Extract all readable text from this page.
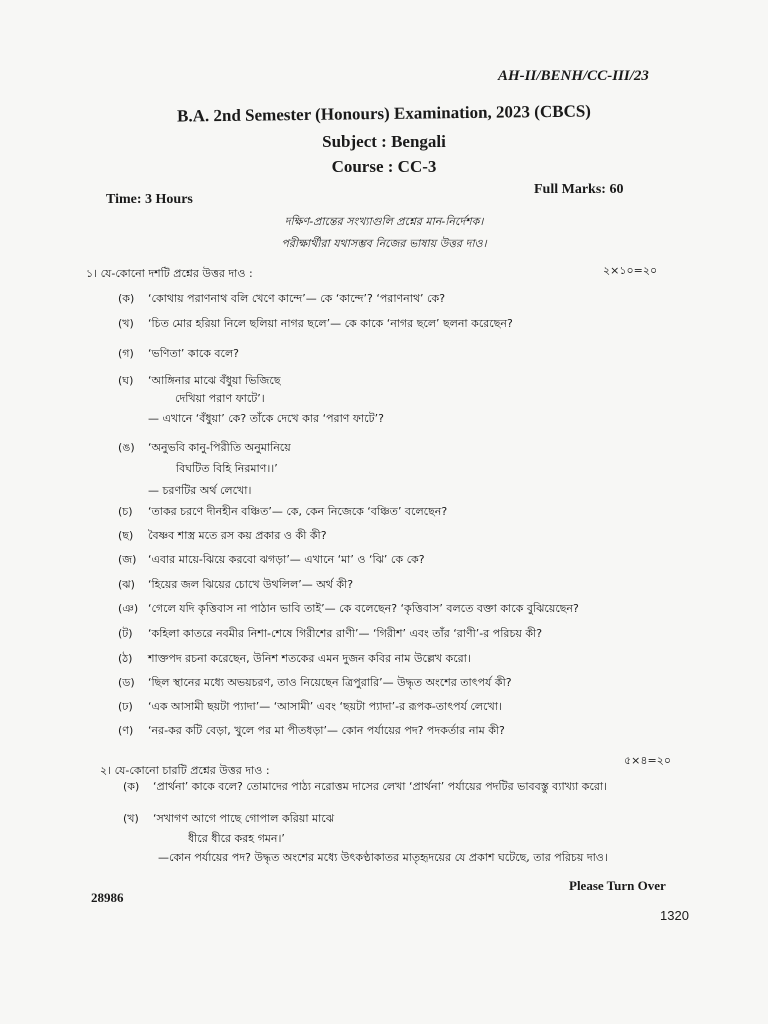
AH-II/BENH/CC-III/23
B.A. 2nd Semester (Honours) Examination, 2023 (CBCS)
Subject : Bengali
Course : CC-3
Full Marks: 60
Time: 3 Hours
দক্ষিণ-প্রান্তের সংখ্যাগুলি প্রশ্নের মান-নির্দেশক।
পরীক্ষার্থীরা যথাসম্ভব নিজের ভাষায় উত্তর দাও।
১। যে-কোনো দশটি প্রশ্নের উত্তর দাও :	২×১০=২০
(ক) ‘কোথায় পরাণনাথ বলি খেণে কান্দে’— কে ‘কান্দে’? ‘পরাণনাথ’ কে?
(খ) ‘চিত মোর হরিয়া নিলে ছলিয়া নাগর ছলে’— কে কাকে ‘নাগর ছলে’ ছলনা করেছেন?
(গ) ‘ভণিতা’ কাকে বলে?
(ঘ) ‘আঙ্গিনার মাঝে বঁধুয়া ভিজিছে
দেখিয়া পরাণ ফাটে’।
— এখানে ‘বঁধুয়া’ কে? তাঁকে দেখে কার ‘পরাণ ফাটে’?
(ঙ) ‘অনুভবি কানু-পিরীতি অনুমানিয়ে
বিঘটিত বিহি নিরমাণ।।’
— চরণটির অর্থ লেখো।
(চ) ‘তাকর চরণে দীনহীন বঞ্চিত’— কে, কেন নিজেকে ‘বঞ্চিত’ বলেছেন?
(ছ) বৈষ্ণব শাস্ত্র মতে রস কয় প্রকার ও কী কী?
(জ) ‘এবার মায়ে-ঝিয়ে করবো ঝগড়া’— এখানে ‘মা’ ও ‘ঝি’ কে কে?
(ঝ) ‘হিয়ের জল ঝিয়ের চোখে উথলিল’— অর্থ কী?
(ঞ) ‘গেলে যদি কৃত্তিবাস না পাঠান ভাবি তাই’— কে বলেছেন? ‘কৃত্তিবাস’ বলতে বক্তা কাকে বুঝিয়েছেন?
(ট) ‘কহিলা কাতরে নবমীর নিশা-শেষে গিরীশের রাণী’— ‘গিরীশ’ এবং তাঁর ‘রাণী’-র পরিচয় কী?
(ঠ) শাক্তপদ রচনা করেছেন, উনিশ শতকের এমন দুজন কবির নাম উল্লেখ করো।
(ড) ‘ছিল স্থানের মধ্যে অভয়চরণ, তাও নিয়েছেন ত্রিপুরারি’— উদ্ধৃত অংশের তাৎপর্য কী?
(ঢ) ‘এক আসামী ছয়টা প্যাদা’— ‘আসামী’ এবং ‘ছয়টা প্যাদা’-র রূপক-তাৎপর্য লেখো।
(ণ) ‘নর-কর কটি বেড়া, খুলে পর মা পীতধড়া’— কোন পর্যায়ের পদ? পদকর্তার নাম কী?
২। যে-কোনো চারটি প্রশ্নের উত্তর দাও :
৫×৪=২০
(ক) ‘প্রার্থনা’ কাকে বলে? তোমাদের পাঠ্য নরোত্তম দাসের লেখা ‘প্রার্থনা’ পর্যায়ের পদটির ভাববস্তু ব্যাখ্যা করো।
(খ) ‘সখাগণ আগে পাছে গোপাল করিয়া মাঝে
ধীরে ধীরে করহ গমন।’
—কোন পর্যায়ের পদ? উদ্ধৃত অংশের মধ্যে উৎকণ্ঠাকাতর মাতৃহৃদয়ের যে প্রকাশ ঘটেছে, তার পরিচয় দাও।
28986
Please Turn Over
1320
